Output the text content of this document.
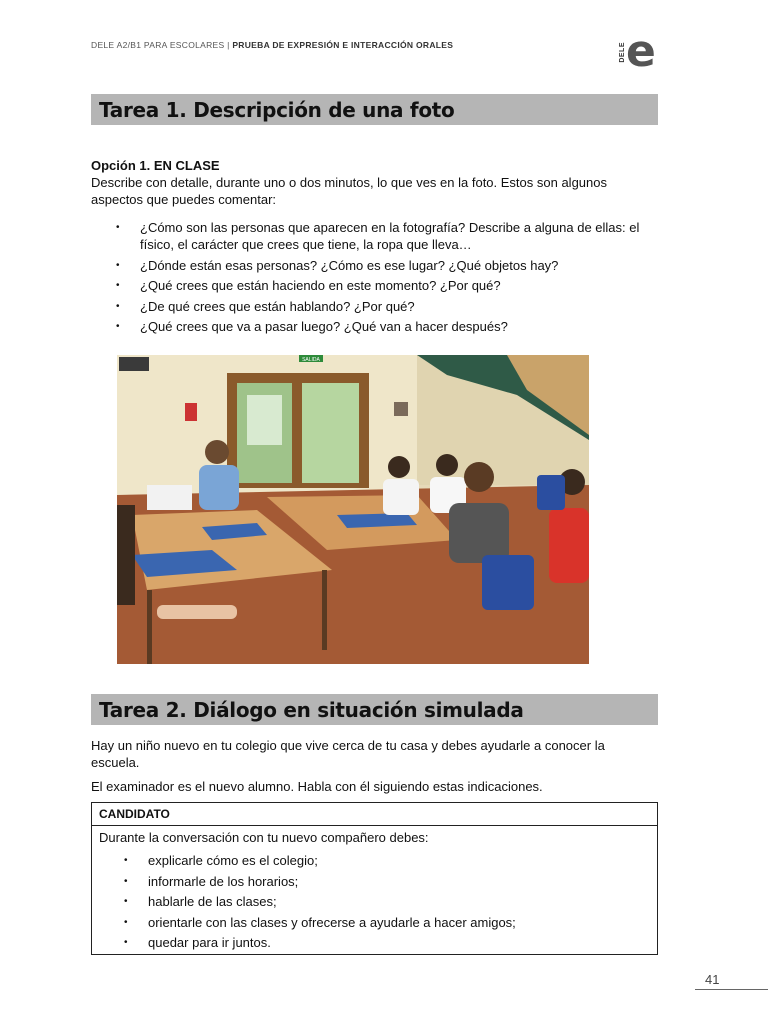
DELE A2/B1 PARA ESCOLARES | PRUEBA DE EXPRESIÓN E INTERACCIÓN ORALES	DELE e
Tarea 1. Descripción de una foto
Opción 1. EN CLASE
Describe con detalle, durante uno o dos minutos, lo que ves en la foto. Estos son algunos aspectos que puedes comentar:
• ¿Cómo son las personas que aparecen en la fotografía? Describe a alguna de ellas: el físico, el carácter que crees que tiene, la ropa que lleva…
• ¿Dónde están esas personas? ¿Cómo es ese lugar? ¿Qué objetos hay?
• ¿Qué crees que están haciendo en este momento? ¿Por qué?
• ¿De qué crees que están hablando? ¿Por qué?
• ¿Qué crees que va a pasar luego? ¿Qué van a hacer después?
SALIDA
Tarea 2. Diálogo en situación simulada
Hay un niño nuevo en tu colegio que vive cerca de tu casa y debes ayudarle a conocer la escuela.
El examinador es el nuevo alumno. Habla con él siguiendo estas indicaciones.
CANDIDATO
Durante la conversación con tu nuevo compañero debes:
• explicarle cómo es el colegio;
• informarle de los horarios;
• hablarle de las clases;
• orientarle con las clases y ofrecerse a ayudarle a hacer amigos;
• quedar para ir juntos.
41
